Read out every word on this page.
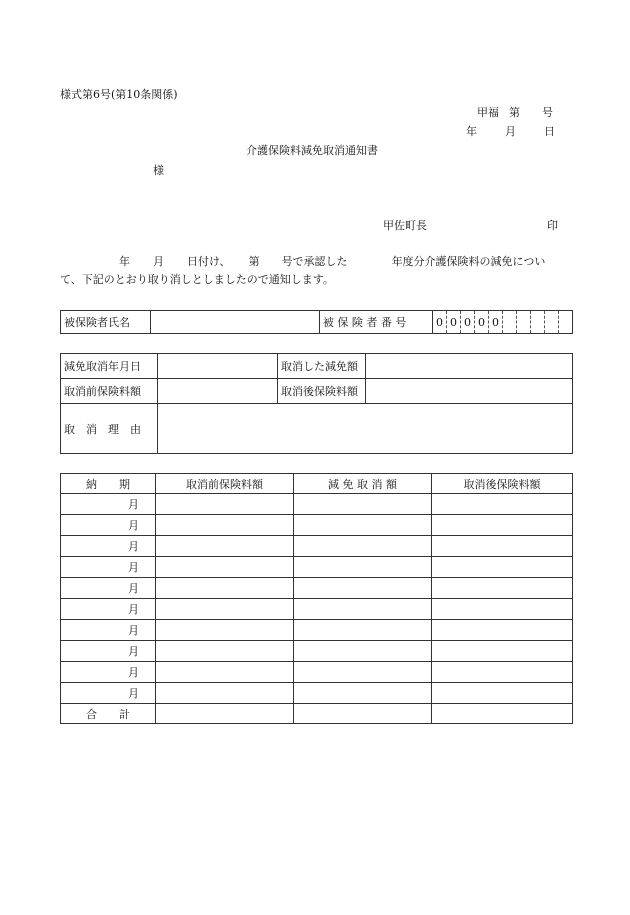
様式第6号(第10条関係)
甲福 第 号
年	月	日
介護保険料減免取消通知書
様
甲佐町長	印
年 月 日付け、 第 号で承認した	年度分介護保険料の減免につい
て、下記のとおり取り消しとしましたので通知します。
被保険者氏名		被 保 険 者 番 号	0	0	0	0	0					
減免取消年月日		取消した減免額	
取消前保険料額		取消後保険料額	
取　消　理　由			
納　　期	取消前保険料額	減 免 取 消 額	取消後保険料額
月			
月			
月			
月			
月			
月			
月			
月			
月			
月			
合　　計			
